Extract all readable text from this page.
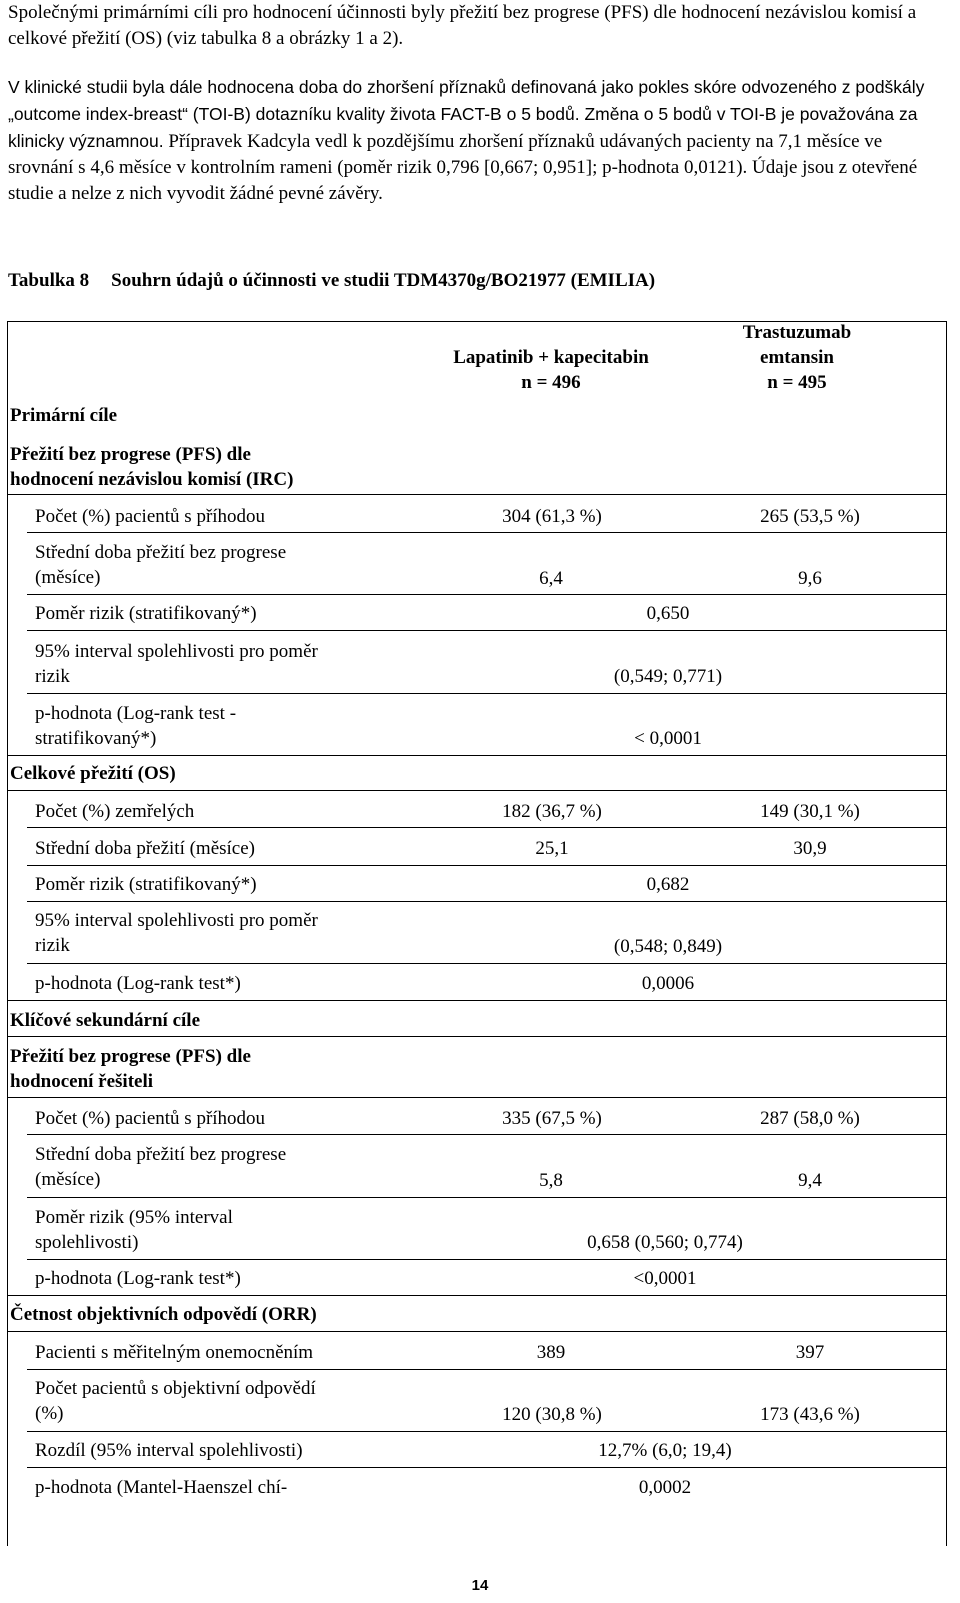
Společnými primárními cíli pro hodnocení účinnosti byly přežití bez progrese (PFS) dle hodnocení nezávislou komisí a celkové přežití (OS) (viz tabulka 8 a obrázky 1 a 2).

V klinické studii byla dále hodnocena doba do zhoršení příznaků definovaná jako pokles skóre odvozeného z podškály „outcome index-breast“ (TOI-B) dotazníku kvality života FACT-B o 5 bodů. Změna o 5 bodů v TOI-B je považována za klinicky významnou. Přípravek Kadcyla vedl k pozdějšímu zhoršení příznaků udávaných pacienty na 7,1 měsíce ve srovnání s 4,6 měsíce v kontrolním rameni (poměr rizik 0,796 [0,667; 0,951]; p-hodnota 0,0121). Údaje jsou z otevřené studie a nelze z nich vyvodit žádné pevné závěry.

Tabulka 8 Souhrn údajů o účinnosti ve studii TDM4370g/BO21977 (EMILIA)
Lapatinib + kapecitabin
n = 496
Trastuzumab
emtansin
n = 495
Primární cíle
Přežití bez progrese (PFS) dle
hodnocení nezávislou komisí (IRC)
Počet (%) pacientů s příhodou	304 (61,3 %)	265 (53,5 %)
Střední doba přežití bez progrese
(měsíce)	6,4	9,6
Poměr rizik (stratifikovaný*)	0,650
95% interval spolehlivosti pro poměr
rizik	(0,549; 0,771)
p-hodnota (Log-rank test -
stratifikovaný*)	< 0,0001
Celkové přežití (OS)
Počet (%) zemřelých	182 (36,7 %)	149 (30,1 %)
Střední doba přežití (měsíce)	25,1	30,9
Poměr rizik (stratifikovaný*)	0,682
95% interval spolehlivosti pro poměr
rizik	(0,548; 0,849)
p-hodnota (Log-rank test*)	0,0006
Klíčové sekundární cíle
Přežití bez progrese (PFS) dle
hodnocení řešiteli
Počet (%) pacientů s příhodou	335 (67,5 %)	287 (58,0 %)
Střední doba přežití bez progrese
(měsíce)	5,8	9,4
Poměr rizik (95% interval
spolehlivosti)	0,658 (0,560; 0,774)
p-hodnota (Log-rank test*)	<0,0001
Četnost objektivních odpovědí (ORR)
Pacienti s měřitelným onemocněním	389	397
Počet pacientů s objektivní odpovědí
(%)	120 (30,8 %)	173 (43,6 %)
Rozdíl (95% interval spolehlivosti)	12,7% (6,0; 19,4)
p-hodnota (Mantel-Haenszel chí-	0,0002
14
